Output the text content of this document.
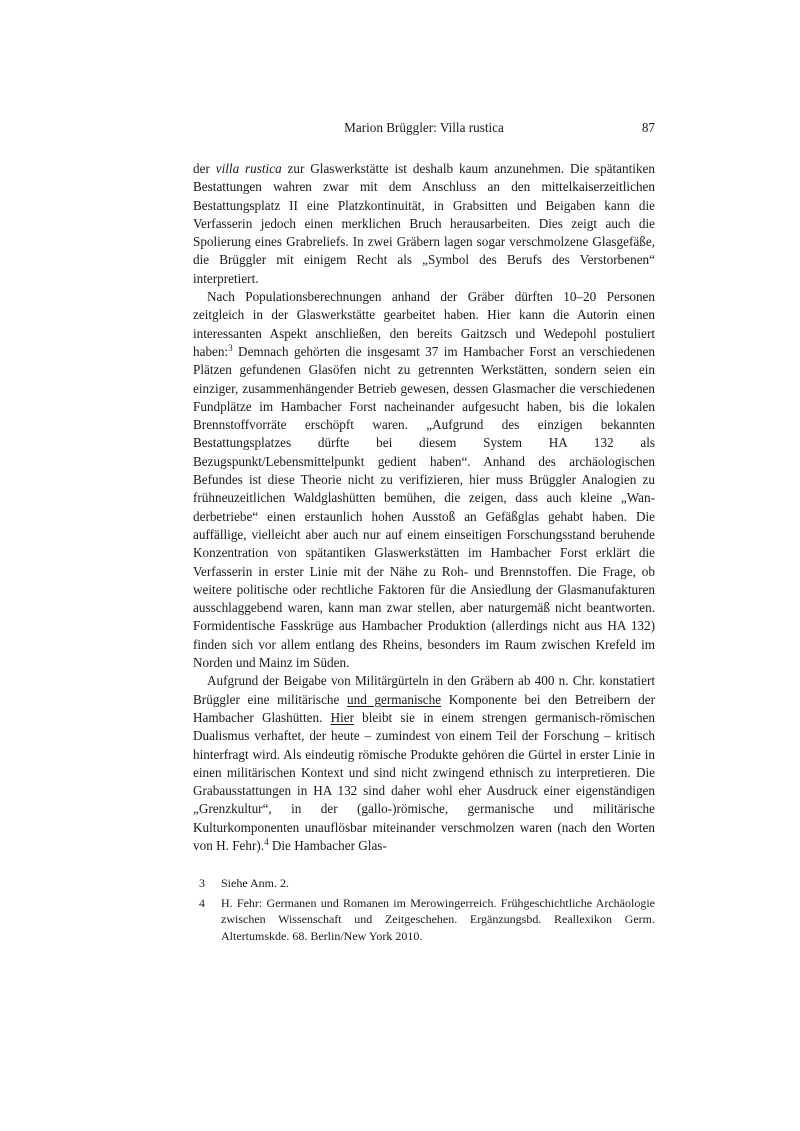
Marion Brüggler: Villa rustica	87

der villa rustica zur Glaswerkstätte ist deshalb kaum anzunehmen. Die spätantiken Bestattungen wahren zwar mit dem Anschluss an den mittelkaiserzeitlichen Bestattungsplatz II eine Platzkontinuität, in Grabsitten und Beigaben kann die Verfasserin jedoch einen merklichen Bruch herausarbeiten. Dies zeigt auch die Spolierung eines Grabreliefs. In zwei Gräbern lagen sogar verschmolzene Glasgefäße, die Brüggler mit einigem Recht als „Symbol des Berufs des Verstorbenen“ interpretiert.

Nach Populationsberechnungen anhand der Gräber dürften 10–20 Personen zeitgleich in der Glaswerkstätte gearbeitet haben. Hier kann die Autorin einen interessanten Aspekt anschließen, den bereits Gaitzsch und Wedepohl postuliert haben:$^3$ Demnach gehörten die insgesamt 37 im Hambacher Forst an verschiedenen Plätzen gefundenen Glasöfen nicht zu getrennten Werkstätten, sondern seien ein einziger, zusammenhängender Betrieb gewesen, dessen Glasmacher die verschiedenen Fundplätze im Hambacher Forst nacheinander aufgesucht haben, bis die lokalen Brennstoffvorräte erschöpft waren. „Aufgrund des einzigen bekannten Bestattungsplatzes dürfte bei diesem System HA 132 als Bezugspunkt/Lebensmittelpunkt gedient haben“. Anhand des archäologischen Befundes ist diese Theorie nicht zu verifizieren, hier muss Brüggler Analogien zu frühneuzeitlichen Waldglashütten bemühen, die zeigen, dass auch kleine „Wanderbetriebe“ einen erstaunlich hohen Ausstoß an Gefäßglas gehabt haben. Die auffällige, vielleicht aber auch nur auf einem einseitigen Forschungsstand beruhende Konzentration von spätantiken Glaswerkstätten im Hambacher Forst erklärt die Verfasserin in erster Linie mit der Nähe zu Roh- und Brennstoffen. Die Frage, ob weitere politische oder rechtliche Faktoren für die Ansiedlung der Glasmanufakturen ausschlaggebend waren, kann man zwar stellen, aber naturgemäß nicht beantworten. Formidentische Fasskrüge aus Hambacher Produktion (allerdings nicht aus HA 132) finden sich vor allem entlang des Rheins, besonders im Raum zwischen Krefeld im Norden und Mainz im Süden.

Aufgrund der Beigabe von Militärgürteln in den Gräbern ab 400 n. Chr. konstatiert Brüggler eine militärische und germanische Komponente bei den Betreibern der Hambacher Glashütten. Hier bleibt sie in einem strengen germanisch-römischen Dualismus verhaftet, der heute – zumindest von einem Teil der Forschung – kritisch hinterfragt wird. Als eindeutig römische Produkte gehören die Gürtel in erster Linie in einen militärischen Kontext und sind nicht zwingend ethnisch zu interpretieren. Die Grabausstattungen in HA 132 sind daher wohl eher Ausdruck einer eigenständigen „Grenzkultur“, in der (gallo-)römische, germanische und militärische Kulturkomponenten unauflösbar miteinander verschmolzen waren (nach den Worten von H. Fehr).$^4$ Die Hambacher Glas-

3	Siehe Anm. 2.
4	H. Fehr: Germanen und Romanen im Merowingerreich. Frühgeschichtliche Archäologie zwischen Wissenschaft und Zeitgeschehen. Ergänzungsbd. Reallexikon Germ. Altertumskde. 68. Berlin/New York 2010.
